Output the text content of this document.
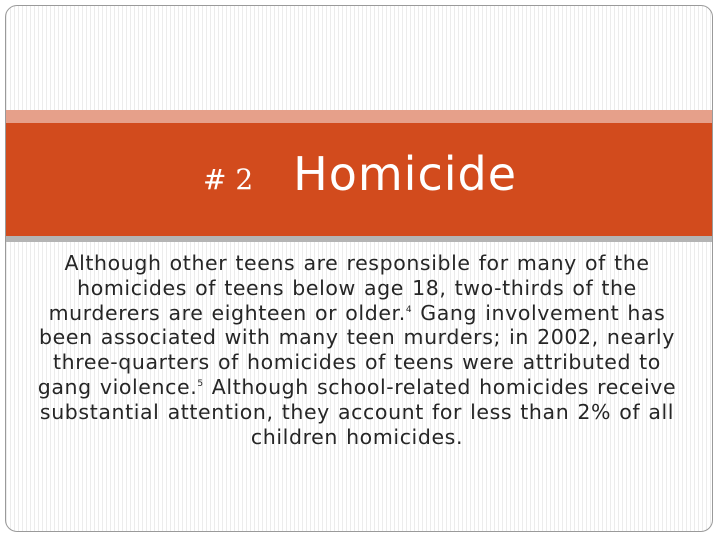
# 2 Homicide

Although other teens are responsible for many of the homicides of teens below age 18, two-thirds of the murderers are eighteen or older.$^4$ Gang involvement has been associated with many teen murders; in 2002, nearly three-quarters of homicides of teens were attributed to gang violence.$^5$ Although school-related homicides receive substantial attention, they account for less than 2% of all children homicides.
